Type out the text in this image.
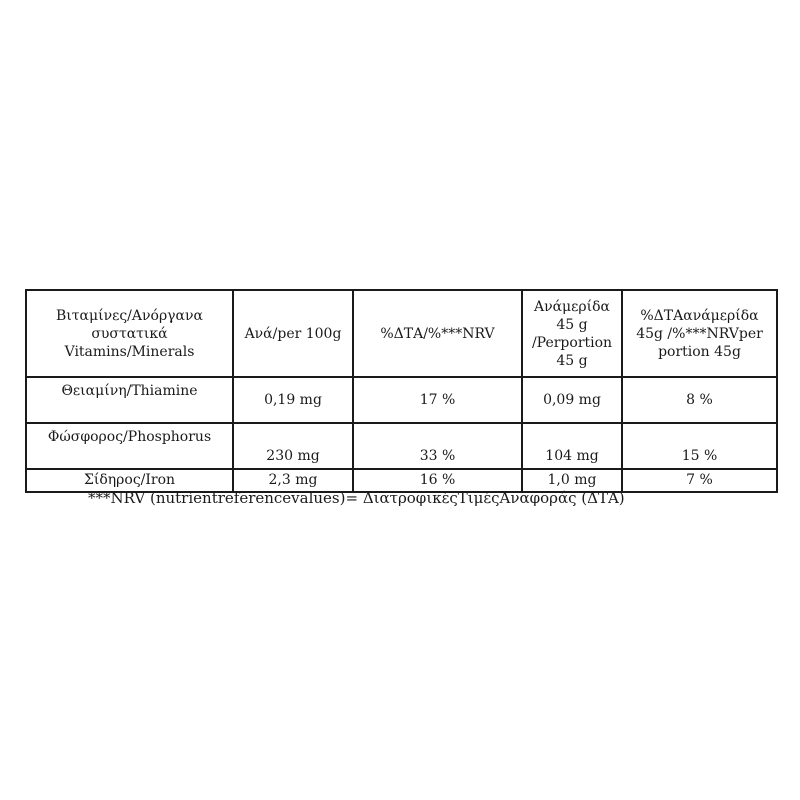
Βιταμίνες/Ανόργανα συστατικά Vitamins/Minerals	Ανά/per 100g	%ΔΤΑ/%***NRV	Ανάμερίδα 45 g /Perportion 45 g	%ΔΤΑανάμερίδα 45g /%***NRVper portion 45g
Θειαμίνη/Thiamine	0,19 mg	17 %	0,09 mg	8 %
Φώσφορος/Phosphorus	230 mg	33 %	104 mg	15 %
Σίδηρος/Iron	2,3 mg	16 %	1,0 mg	7 %
***NRV (nutrientreferencevalues)= ΔιατροφικέςΤιμέςΑναφοράς (ΔΤΑ)
